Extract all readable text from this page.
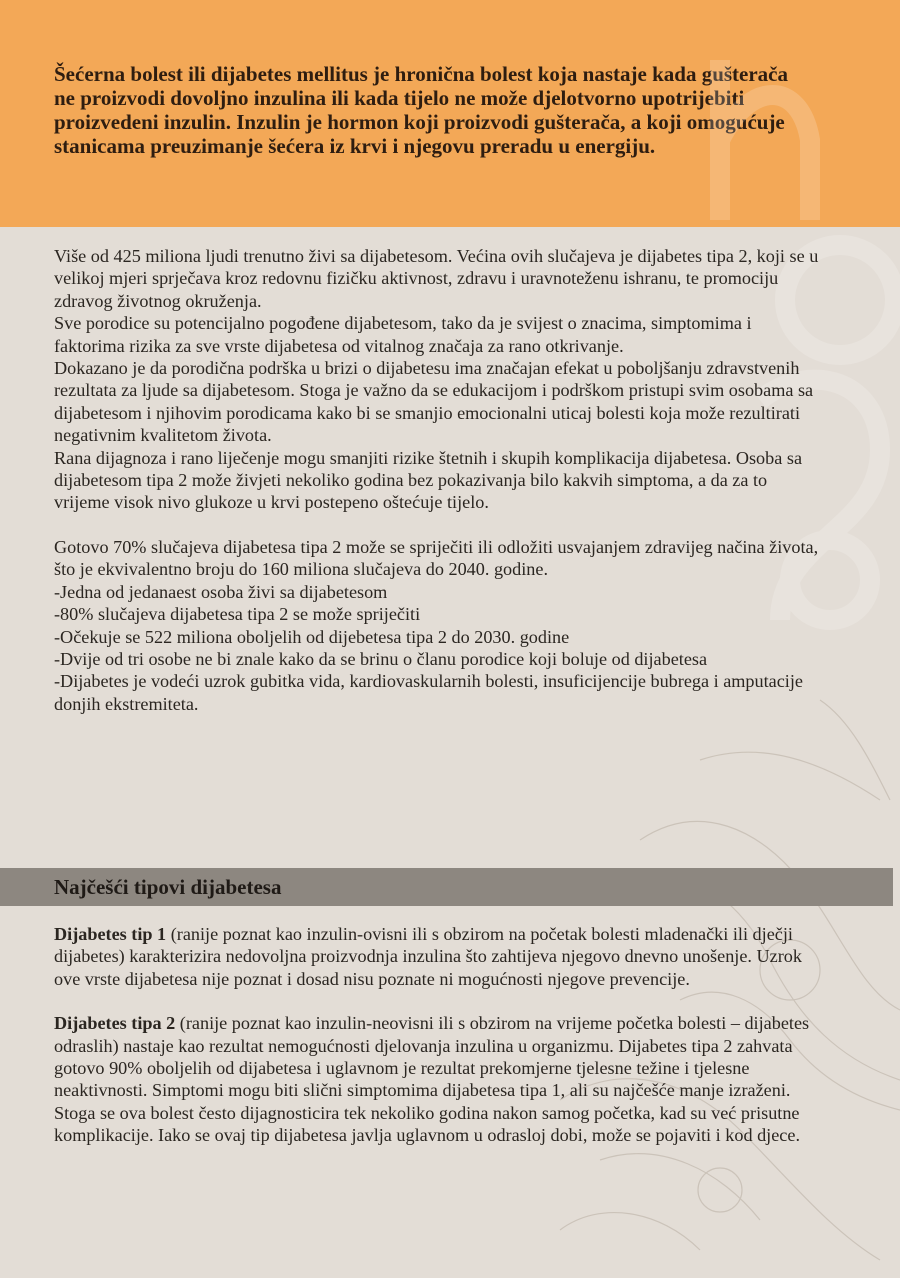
Šećerna bolest ili dijabetes mellitus je hronična bolest koja nastaje kada gušterača ne proizvodi dovoljno inzulina ili kada tijelo ne može djelotvorno upotrijebiti proizvedeni inzulin. Inzulin je hormon koji proizvodi gušterača, a koji omogućuje stanicama preuzimanje šećera iz krvi i njegovu preradu u energiju.

Više od 425 miliona ljudi trenutno živi sa dijabetesom. Većina ovih slučajeva je dijabetes tipa 2, koji se u velikoj mjeri sprječava kroz redovnu fizičku aktivnost, zdravu i uravnoteženu ishranu, te promociju zdravog životnog okruženja.

Sve porodice su potencijalno pogođene dijabetesom, tako da je svijest o znacima, simptomima i faktorima rizika za sve vrste dijabetesa od vitalnog značaja za rano otkrivanje.

Dokazano je da porodična podrška u brizi o dijabetesu ima značajan efekat u poboljšanju zdravstvenih rezultata za ljude sa dijabetesom. Stoga je važno da se edukacijom i podrškom pristupi svim osobama sa dijabetesom i njihovim porodicama kako bi se smanjio emocionalni uticaj bolesti koja može rezultirati negativnim kvalitetom života.

Rana dijagnoza i rano liječenje mogu smanjiti rizike štetnih i skupih komplikacija dijabetesa. Osoba sa dijabetesom tipa 2 može živjeti nekoliko godina bez pokazivanja bilo kakvih simptoma, a da za to vrijeme visok nivo glukoze u krvi postepeno oštećuje tijelo.

Gotovo 70% slučajeva dijabetesa tipa 2 može se spriječiti ili odložiti usvajanjem zdravijeg načina života, što je ekvivalentno broju do 160 miliona slučajeva do 2040. godine.

-Jedna od jedanaest osoba živi sa dijabetesom

-80% slučajeva dijabetesa tipa 2 se može spriječiti

-Očekuje se 522 miliona oboljelih od dijebetesa tipa 2 do 2030. godine

-Dvije od tri osobe ne bi znale kako da se brinu o članu porodice koji boluje od dijabetesa

-Dijabetes je vodeći uzrok gubitka vida, kardiovaskularnih bolesti, insuficijencije bubrega i amputacije donjih ekstremiteta.

Najčešći tipovi dijabetesa

Dijabetes tip 1 (ranije poznat kao inzulin-ovisni ili s obzirom na početak bolesti mladenački ili dječji dijabetes) karakterizira nedovoljna proizvodnja inzulina što zahtijeva njegovo dnevno unošenje. Uzrok ove vrste dijabetesa nije poznat i dosad nisu poznate ni mogućnosti njegove prevencije.

Dijabetes tipa 2 (ranije poznat kao inzulin-neovisni ili s obzirom na vrijeme početka bolesti – dijabetes odraslih) nastaje kao rezultat nemogućnosti djelovanja inzulina u organizmu. Dijabetes tipa 2 zahvata gotovo 90% oboljelih od dijabetesa i uglavnom je rezultat prekomjerne tjelesne težine i tjelesne neaktivnosti. Simptomi mogu biti slični simptomima dijabetesa tipa 1, ali su najčešće manje izraženi. Stoga se ova bolest često dijagnosticira tek nekoliko godina nakon samog početka, kad su već prisutne komplikacije. Iako se ovaj tip dijabetesa javlja uglavnom u odrasloj dobi, može se pojaviti i kod djece.
